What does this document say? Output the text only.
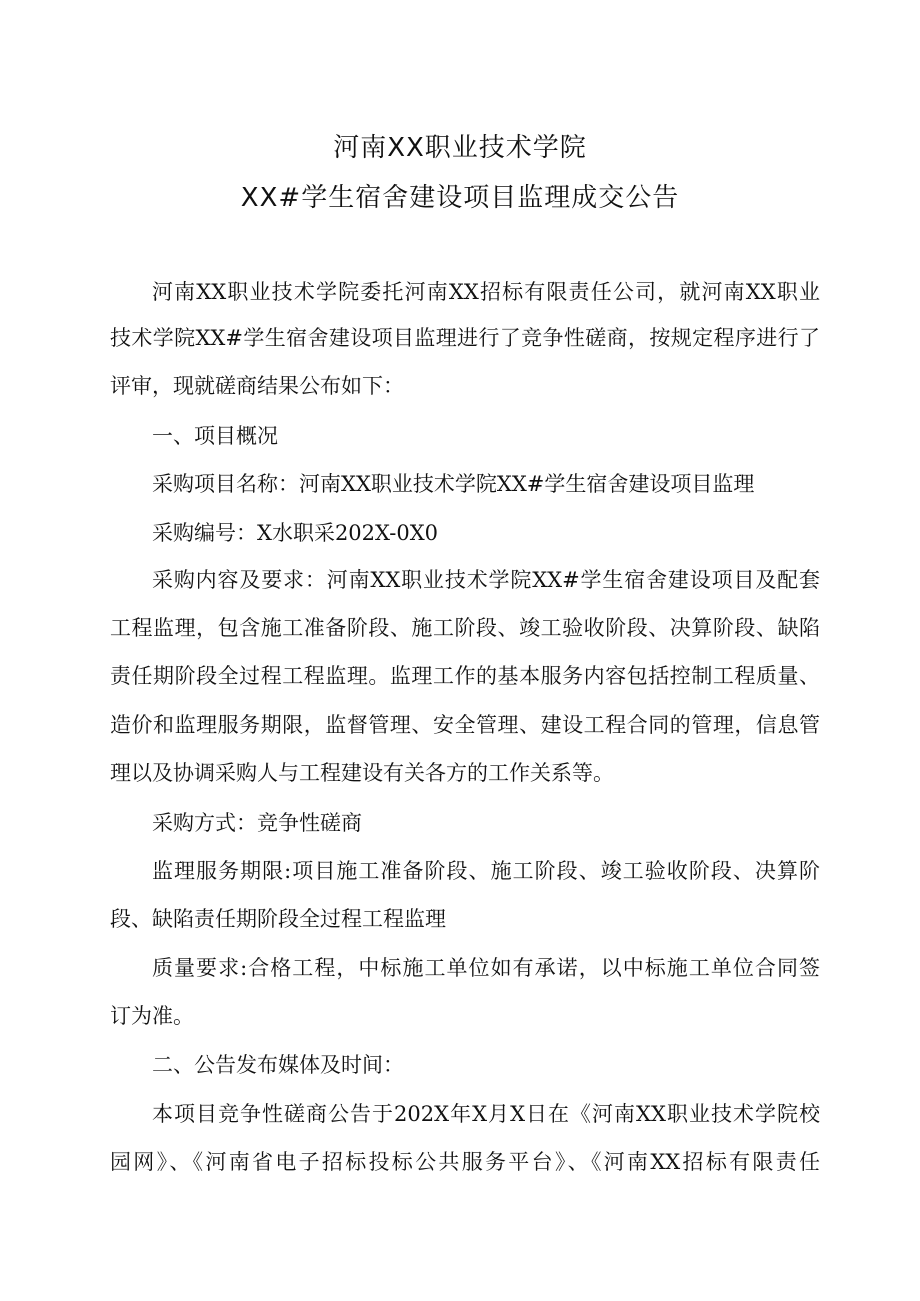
河南XX职业技术学院
XX#学生宿舍建设项目监理成交公告
河南XX职业技术学院委托河南XX招标有限责任公司，就河南XX职业
技术学院XX#学生宿舍建设项目监理进行了竞争性磋商，按规定程序进行了
评审，现就磋商结果公布如下：
一、项目概况
采购项目名称：河南XX职业技术学院XX#学生宿舍建设项目监理
采购编号：X水职采202X-0X0
采购内容及要求：河南XX职业技术学院XX#学生宿舍建设项目及配套
工程监理，包含施工准备阶段、施工阶段、竣工验收阶段、决算阶段、缺陷
责任期阶段全过程工程监理。监理工作的基本服务内容包括控制工程质量、
造价和监理服务期限，监督管理、安全管理、建设工程合同的管理，信息管
理以及协调采购人与工程建设有关各方的工作关系等。
采购方式：竞争性磋商
监理服务期限:项目施工准备阶段、施工阶段、竣工验收阶段、决算阶
段、缺陷责任期阶段全过程工程监理
质量要求:合格工程，中标施工单位如有承诺，以中标施工单位合同签
订为准。
二、公告发布媒体及时间：
本项目竞争性磋商公告于202X年X月X日在《河南XX职业技术学院校
园网》、《河南省电子招标投标公共服务平台》、《河南XX招标有限责任
